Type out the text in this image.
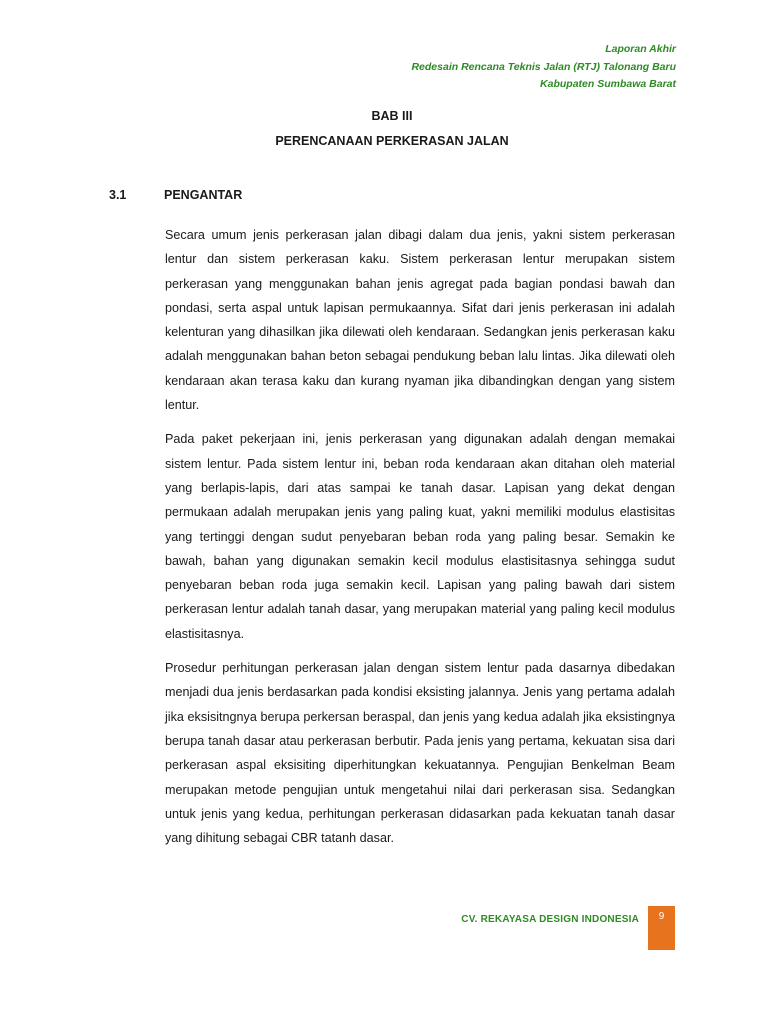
Laporan Akhir
Redesain Rencana Teknis Jalan (RTJ) Talonang Baru
Kabupaten Sumbawa Barat
BAB III
PERENCANAAN PERKERASAN JALAN
3.1	PENGANTAR

Secara umum jenis perkerasan jalan dibagi dalam dua jenis, yakni sistem perkerasan lentur dan sistem perkerasan kaku. Sistem perkerasan lentur merupakan sistem perkerasan yang menggunakan bahan jenis agregat pada bagian pondasi bawah dan pondasi, serta aspal untuk lapisan permukaannya. Sifat dari jenis perkerasan ini adalah kelenturan yang dihasilkan jika dilewati oleh kendaraan. Sedangkan jenis perkerasan kaku adalah menggunakan bahan beton sebagai pendukung beban lalu lintas. Jika dilewati oleh kendaraan akan terasa kaku dan kurang nyaman jika dibandingkan dengan yang sistem lentur.

Pada paket pekerjaan ini, jenis perkerasan yang digunakan adalah dengan memakai sistem lentur. Pada sistem lentur ini, beban roda kendaraan akan ditahan oleh material yang berlapis-lapis, dari atas sampai ke tanah dasar. Lapisan yang dekat dengan permukaan adalah merupakan jenis yang paling kuat, yakni memiliki modulus elastisitas yang tertinggi dengan sudut penyebaran beban roda yang paling besar. Semakin ke bawah, bahan yang digunakan semakin kecil modulus elastisitasnya sehingga sudut penyebaran beban roda juga semakin kecil. Lapisan yang paling bawah dari sistem perkerasan lentur adalah tanah dasar, yang merupakan material yang paling kecil modulus elastisitasnya.

Prosedur perhitungan perkerasan jalan dengan sistem lentur pada dasarnya dibedakan menjadi dua jenis berdasarkan pada kondisi eksisting jalannya. Jenis yang pertama adalah jika eksisitngnya berupa perkersan beraspal, dan jenis yang kedua adalah jika eksistingnya berupa tanah dasar atau perkerasan berbutir. Pada jenis yang pertama, kekuatan sisa dari perkerasan aspal eksisiting diperhitungkan kekuatannya. Pengujian Benkelman Beam merupakan metode pengujian untuk mengetahui nilai dari perkerasan sisa. Sedangkan untuk jenis yang kedua, perhitungan perkerasan didasarkan pada kekuatan tanah dasar yang dihitung sebagai CBR tatanh dasar.

CV. REKAYASA DESIGN INDONESIA	9
